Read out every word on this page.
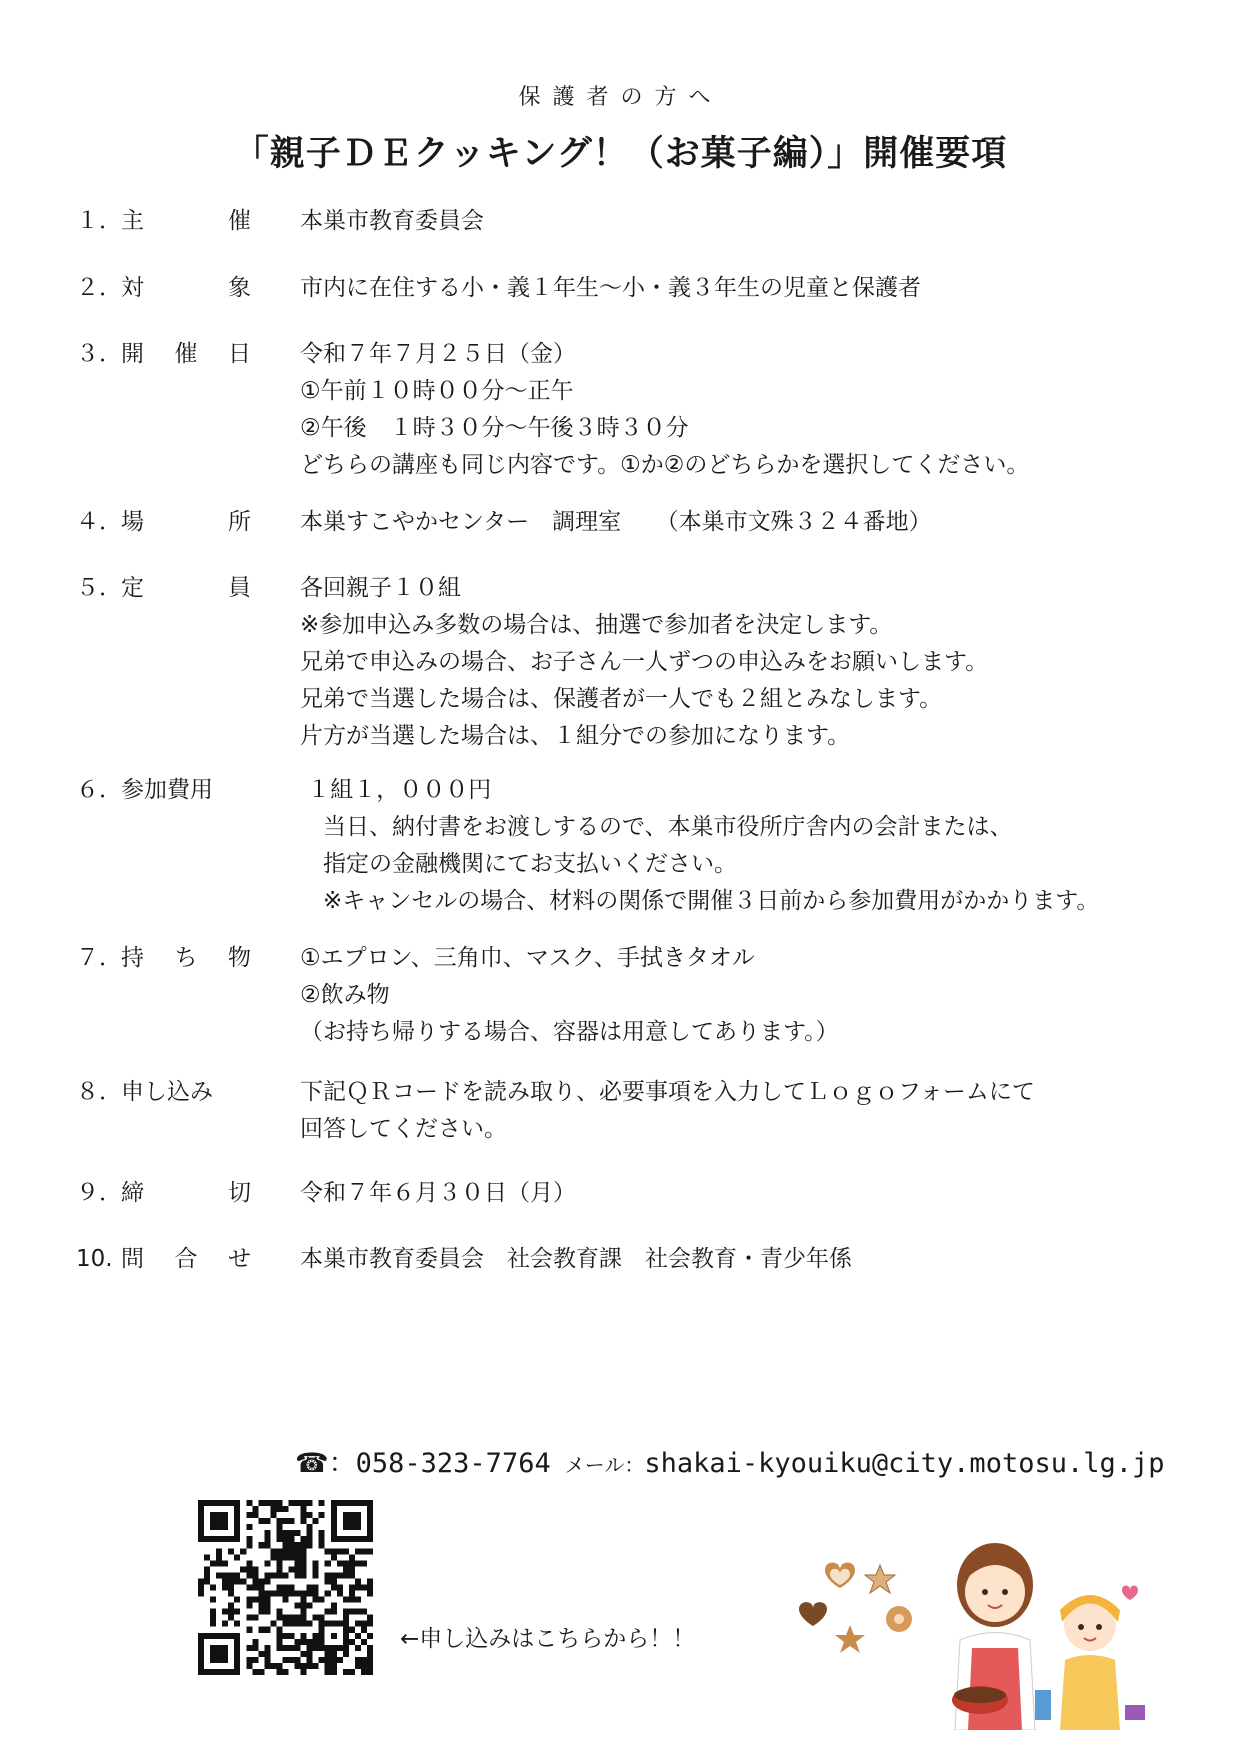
保護者の方へ
「親子ＤＥクッキング！（お菓子編）」開催要項
１． 主	催 本巣市教育委員会
２． 対	象 市内に在住する小・義１年生～小・義３年生の児童と保護者
３． 開 催 日 令和７年７月２５日（金）
①午前１０時００分～正午
②午後　１時３０分～午後３時３０分
どちらの講座も同じ内容です。①か②のどちらかを選択してください。
４． 場	所 本巣すこやかセンター　調理室　　（本巣市文殊３２４番地）
５． 定	員 各回親子１０組
※参加申込み多数の場合は、抽選で参加者を決定します。
兄弟で申込みの場合、お子さん一人ずつの申込みをお願いします。
兄弟で当選した場合は、保護者が一人でも２組とみなします。
片方が当選した場合は、１組分での参加になります。
６． 参加費用	１組１，０００円
　当日、納付書をお渡しするので、本巣市役所庁舎内の会計または、
　指定の金融機関にてお支払いください。
　※キャンセルの場合、材料の関係で開催３日前から参加費用がかかります。
７． 持 ち 物 ①エプロン、三角巾、マスク、手拭きタオル
②飲み物
（お持ち帰りする場合、容器は用意してあります。）
８． 申し込み	下記ＱＲコードを読み取り、必要事項を入力してＬｏｇｏフォームにて
回答してください。
９． 締	切 令和７年６月３０日（月）
10. 問 合 せ 本巣市教育委員会　社会教育課　社会教育・青少年係
☎：058-323-7764 メール：shakai-kyouiku@city.motosu.lg.jp
←申し込みはこちらから！！
